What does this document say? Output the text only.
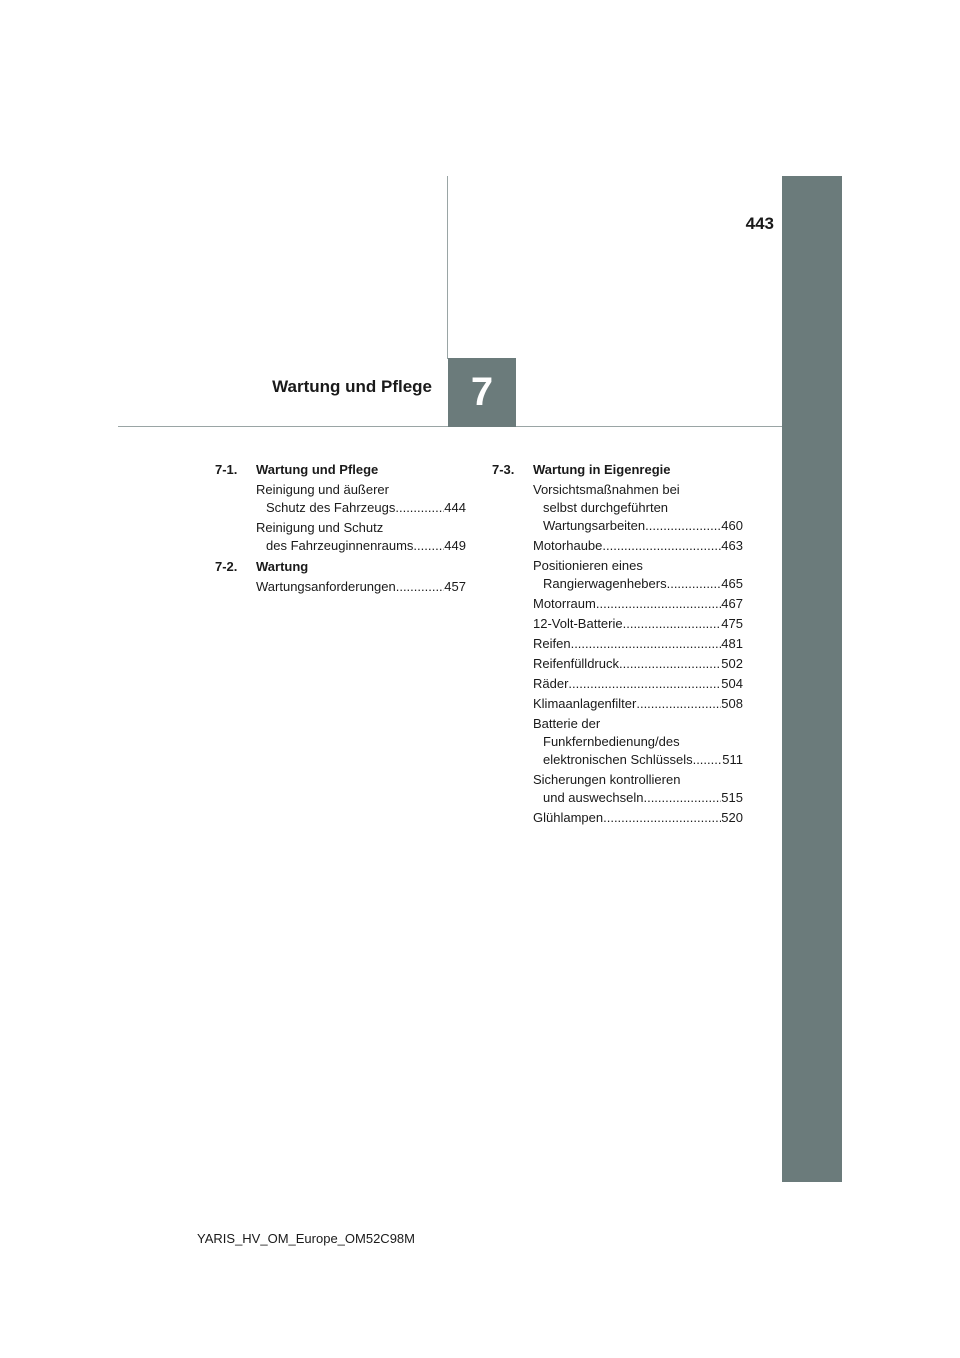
443
Wartung und Pflege 7
7-1.	Wartung und Pflege
Reinigung und äußerer
Schutz des Fahrzeugs .....	444
Reinigung und Schutz
des Fahrzeuginnenraums ..... 449
7-2.	Wartung
Wartungsanforderungen .....	457
7-3.	Wartung in Eigenregie
Vorsichtsmaßnahmen bei
selbst durchgeführten
Wartungsarbeiten .....	460
Motorhaube .....	463
Positionieren eines
Rangierwagenhebers .....	465
Motorraum .....	467
12-Volt-Batterie .....	475
Reifen .....	481
Reifenfülldruck .....	502
Räder .....	504
Klimaanlagenfilter .....	508
Batterie der
Funkfernbedienung/des
elektronischen Schlüssels ..... 511
Sicherungen kontrollieren
und auswechseln .....	515
Glühlampen .....	520
YARIS_HV_OM_Europe_OM52C98M
